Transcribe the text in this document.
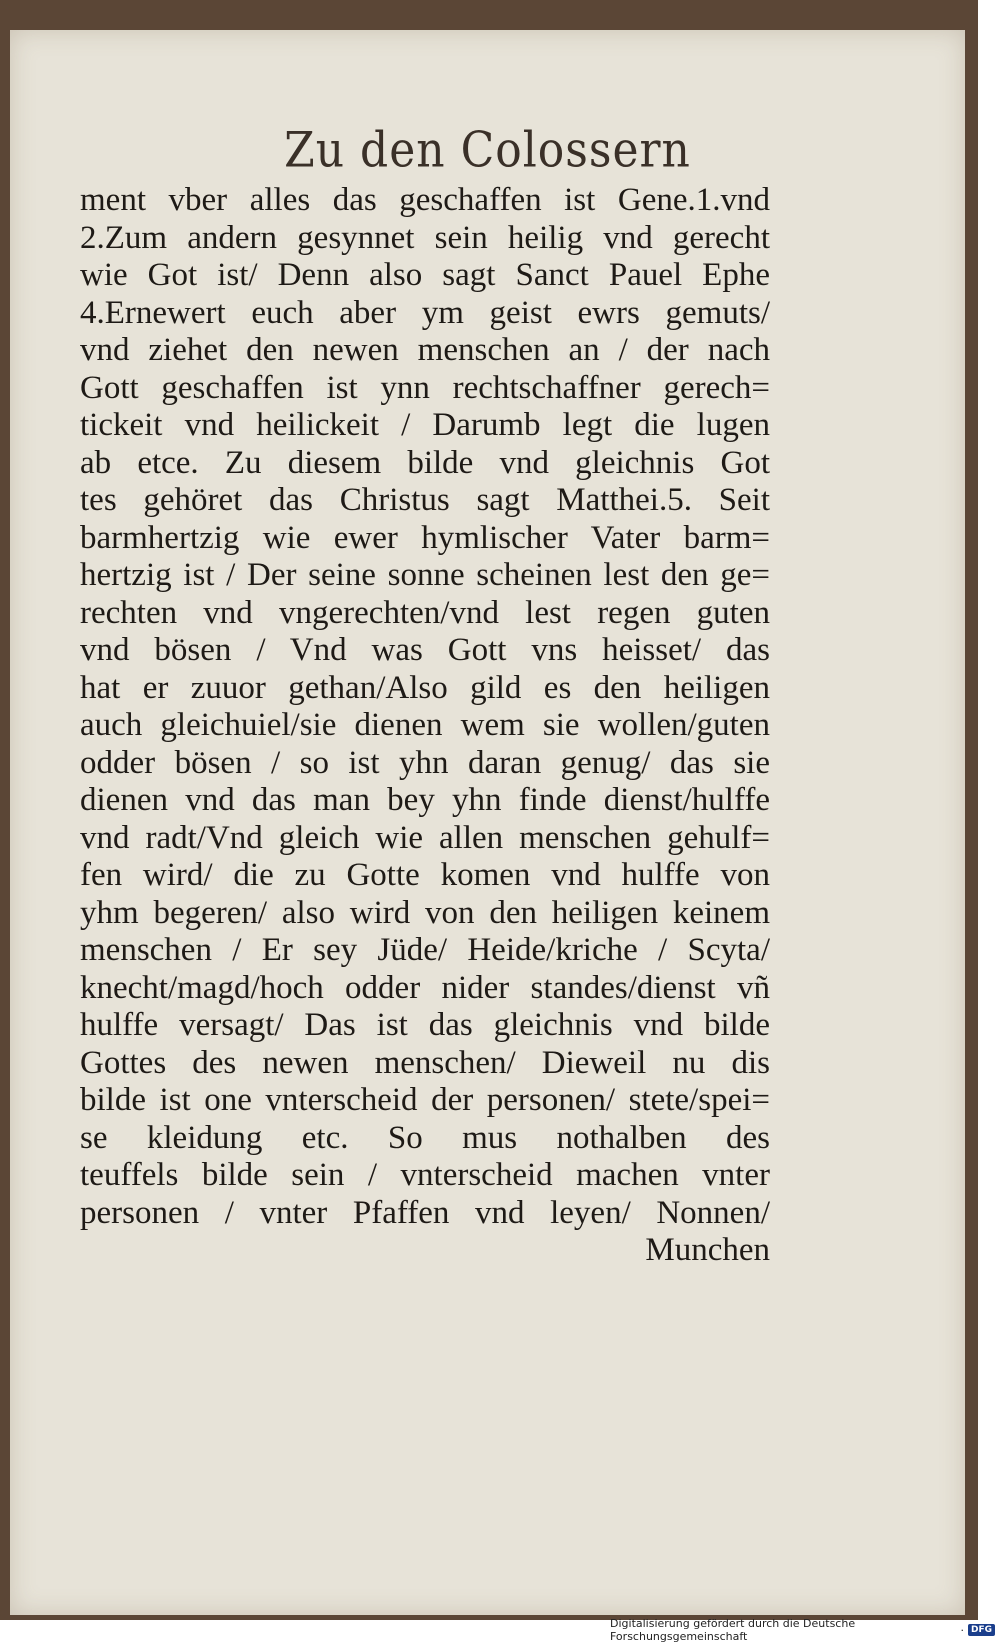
Zu den Colossern
ment vber alles das geschaffen ist Gene.1.vnd
2.Zum andern gesynnet sein heilig vnd gerecht
wie Got ist/ Denn also sagt Sanct Pauel Ephe
4.Ernewert euch aber ym geist ewrs gemuts/
vnd ziehet den newen menschen an / der nach
Gott geschaffen ist ynn rechtschaffner gerech=
tickeit vnd heilickeit / Darumb legt die lugen
ab etce. Zu diesem bilde vnd gleichnis Got
tes gehöret das Christus sagt Matthei.5. Seit
barmhertzig wie ewer hymlischer Vater barm=
hertzig ist / Der seine sonne scheinen lest den ge=
rechten vnd vngerechten/vnd lest regen guten
vnd bösen / Vnd was Gott vns heisset/ das
hat er zuuor gethan/Also gild es den heiligen
auch gleichuiel/sie dienen wem sie wollen/guten
odder bösen / so ist yhn daran genug/ das sie
dienen vnd das man bey yhn finde dienst/hulffe
vnd radt/Vnd gleich wie allen menschen gehulf=
fen wird/ die zu Gotte komen vnd hulffe von
yhm begeren/ also wird von den heiligen keinem
menschen / Er sey Jüde/ Heide/kriche / Scyta/
knecht/magd/hoch odder nider standes/dienst vñ
hulffe versagt/ Das ist das gleichnis vnd bilde
Gottes des newen menschen/ Dieweil nu dis
bilde ist one vnterscheid der personen/ stete/spei=
se kleidung etc. So mus nothalben des
teuffels bilde sein / vnterscheid machen vnter
personen / vnter Pfaffen vnd leyen/ Nonnen/
Munchen
Digitalisierung gefördert durch die Deutsche Forschungsgemeinschaft	· DFG
